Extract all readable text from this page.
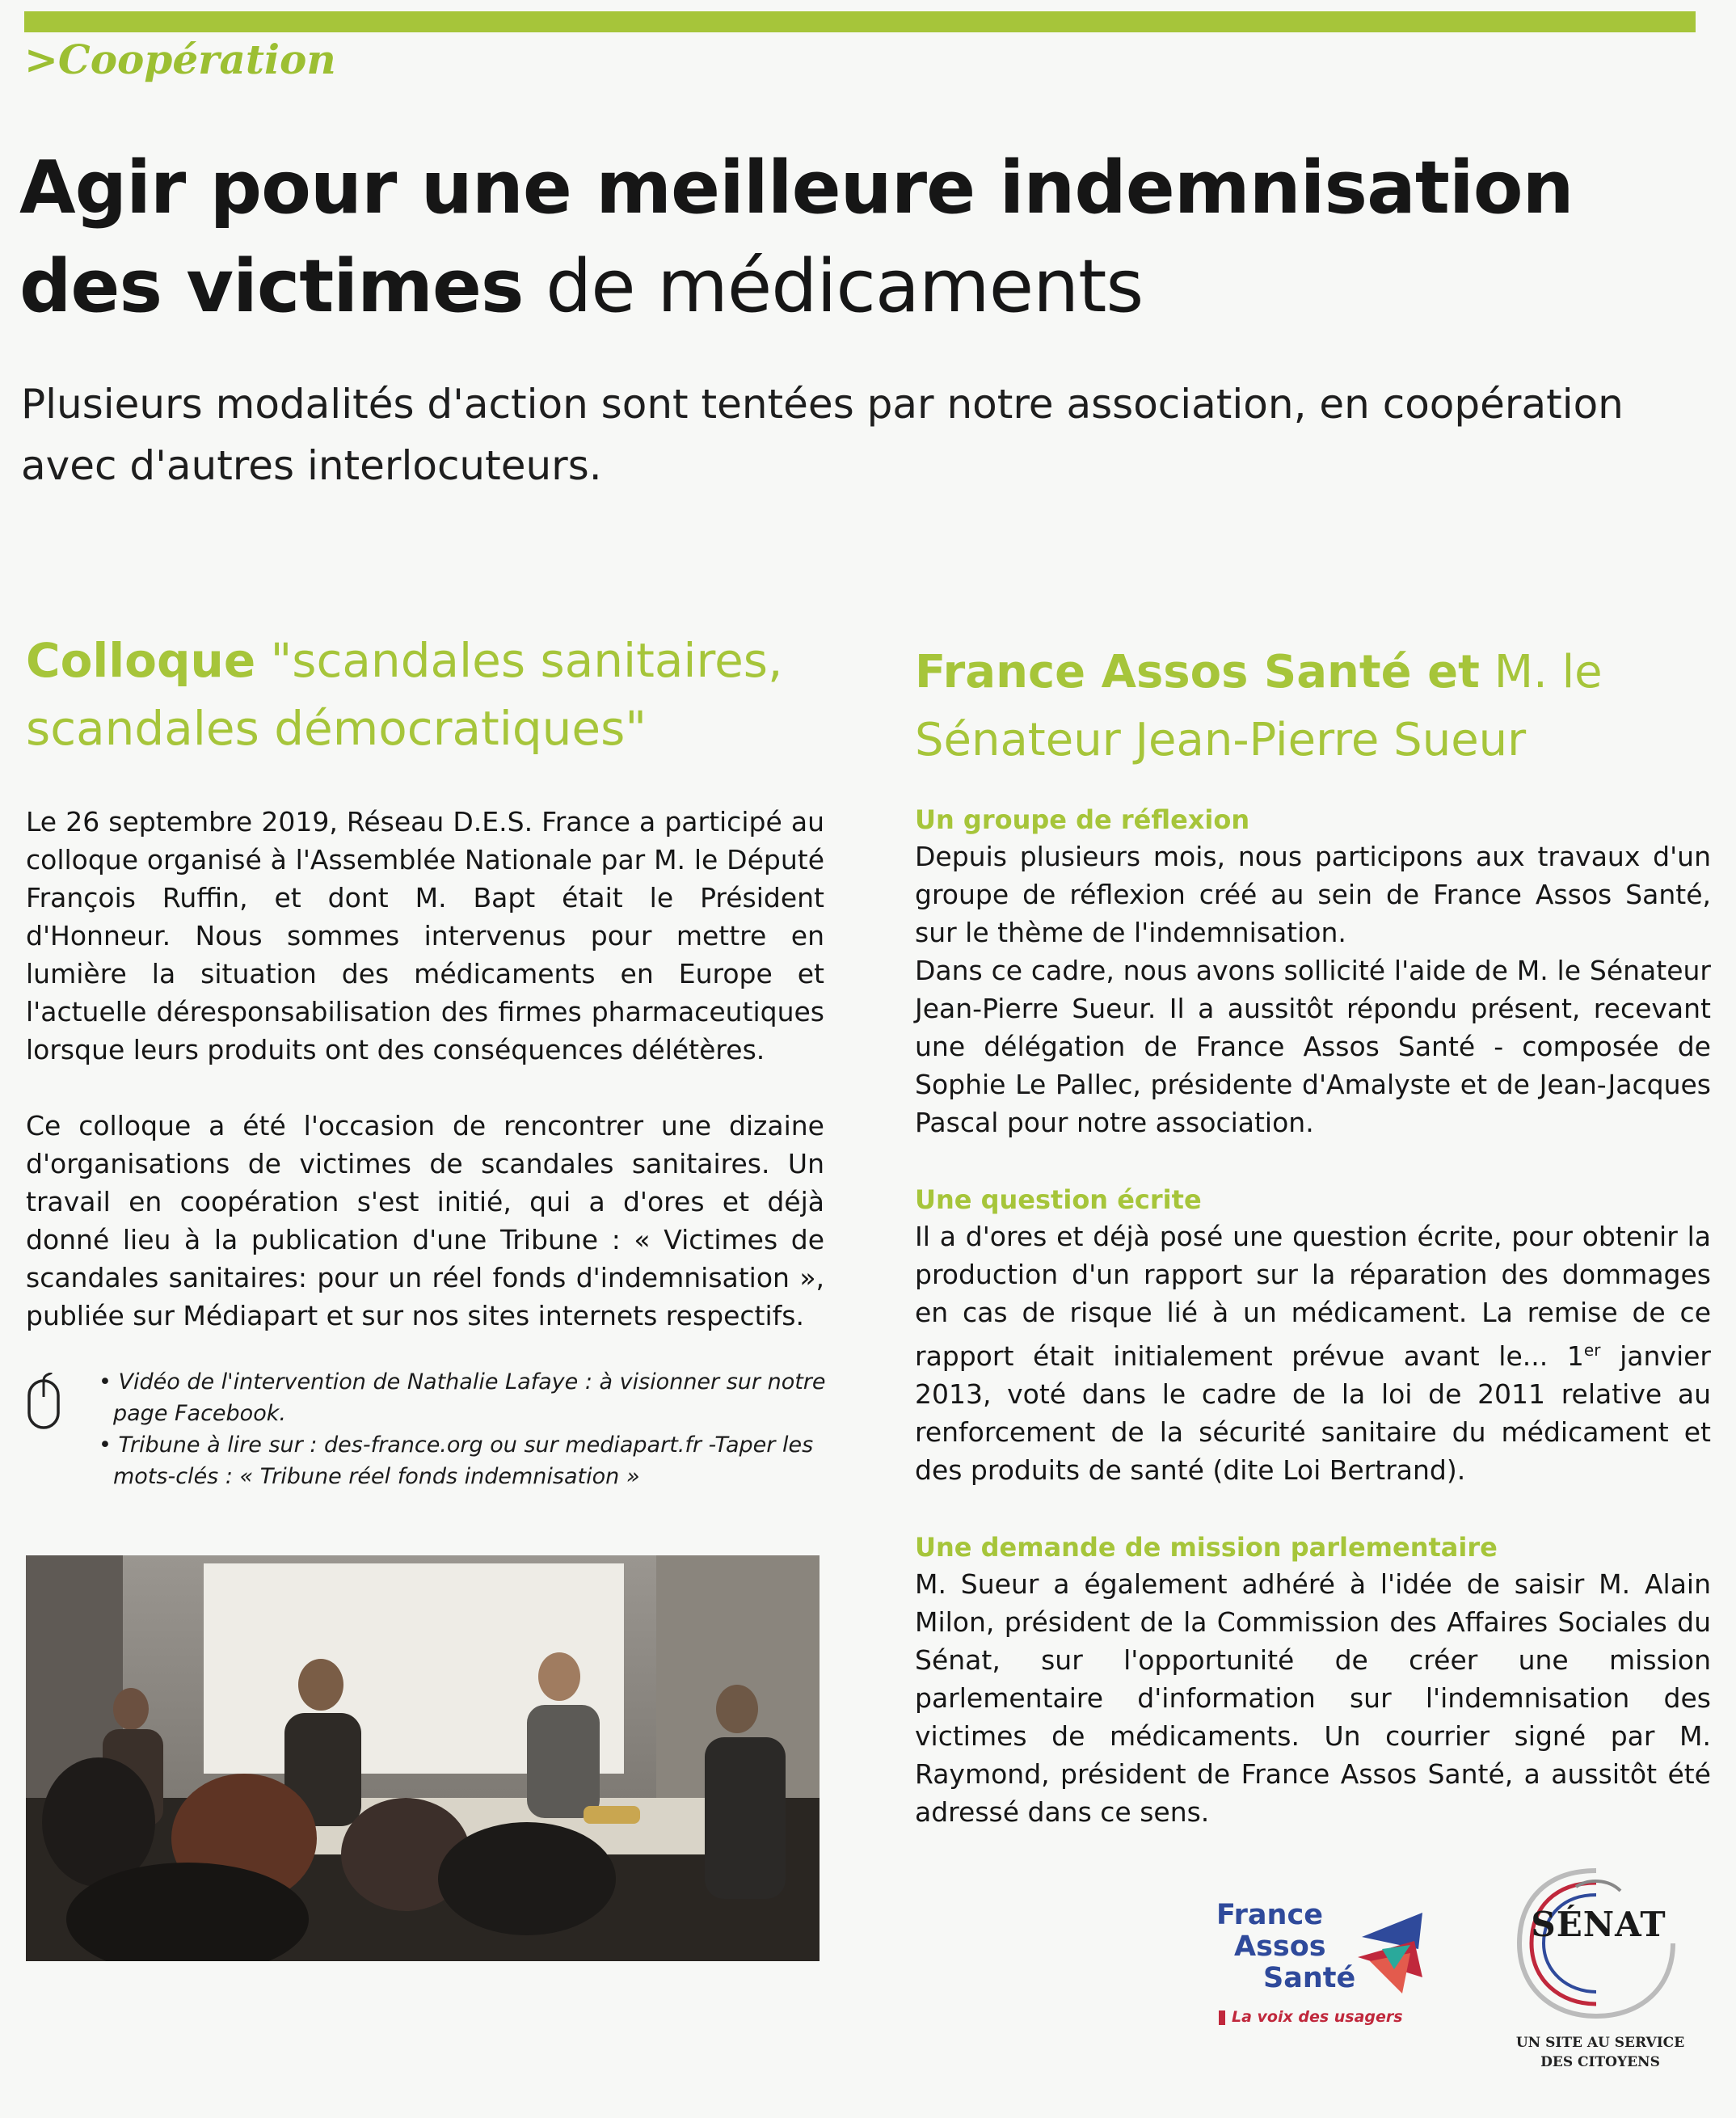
>Coopération
Agir pour une meilleure indemnisation
des victimes de médicaments
Plusieurs modalités d'action sont tentées par notre association, en coopération avec d'autres interlocuteurs.
Colloque "scandales sanitaires, scandales démocratiques"

Le 26 septembre 2019, Réseau D.E.S. France a participé au colloque organisé à l'Assemblée Nationale par M. le Député François Ruffin, et dont M. Bapt était le Président d'Honneur. Nous sommes intervenus pour mettre en lumière la situation des médicaments en Europe et l'actuelle déresponsabilisation des firmes pharmaceutiques lorsque leurs produits ont des conséquences délétères.

Ce colloque a été l'occasion de rencontrer une dizaine d'organisations de victimes de scandales sanitaires. Un travail en coopération s'est initié, qui a d'ores et déjà donné lieu à la publication d'une Tribune : « Victimes de scandales sanitaires: pour un réel fonds d'indemnisation », publiée sur Médiapart et sur nos sites internets respectifs.

• Vidéo de l'intervention de Nathalie Lafaye : à visionner sur notre page Facebook.
• Tribune à lire sur : des-france.org ou sur mediapart.fr -Taper les mots-clés : « Tribune réel fonds indemnisation »
France Assos Santé et M. le Sénateur Jean-Pierre Sueur

Un groupe de réflexion

Depuis plusieurs mois, nous participons aux travaux d'un groupe de réflexion créé au sein de France Assos Santé, sur le thème de l'indemnisation.

Dans ce cadre, nous avons sollicité l'aide de M. le Sénateur Jean-Pierre Sueur. Il a aussitôt répondu présent, recevant une délégation de France Assos Santé - composée de Sophie Le Pallec, présidente d'Amalyste et de Jean-Jacques Pascal pour notre association.

Une question écrite

Il a d'ores et déjà posé une question écrite, pour obtenir la production d'un rapport sur la réparation des dommages en cas de risque lié à un médicament. La remise de ce rapport était initialement prévue avant le... 1er janvier 2013, voté dans le cadre de la loi de 2011 relative au renforcement de la sécurité sanitaire du médicament et des produits de santé (dite Loi Bertrand).

Une demande de mission parlementaire

M. Sueur a également adhéré à l'idée de saisir M. Alain Milon, président de la Commission des Affaires Sociales du Sénat, sur l'opportunité de créer une mission parlementaire d'information sur l'indemnisation des victimes de médicaments. Un courrier signé par M. Raymond, président de France Assos Santé, a aussitôt été adressé dans ce sens.

France
Assos
Santé
La voix des usagers
SÉNAT
UN SITE AU SERVICE
DES CITOYENS
